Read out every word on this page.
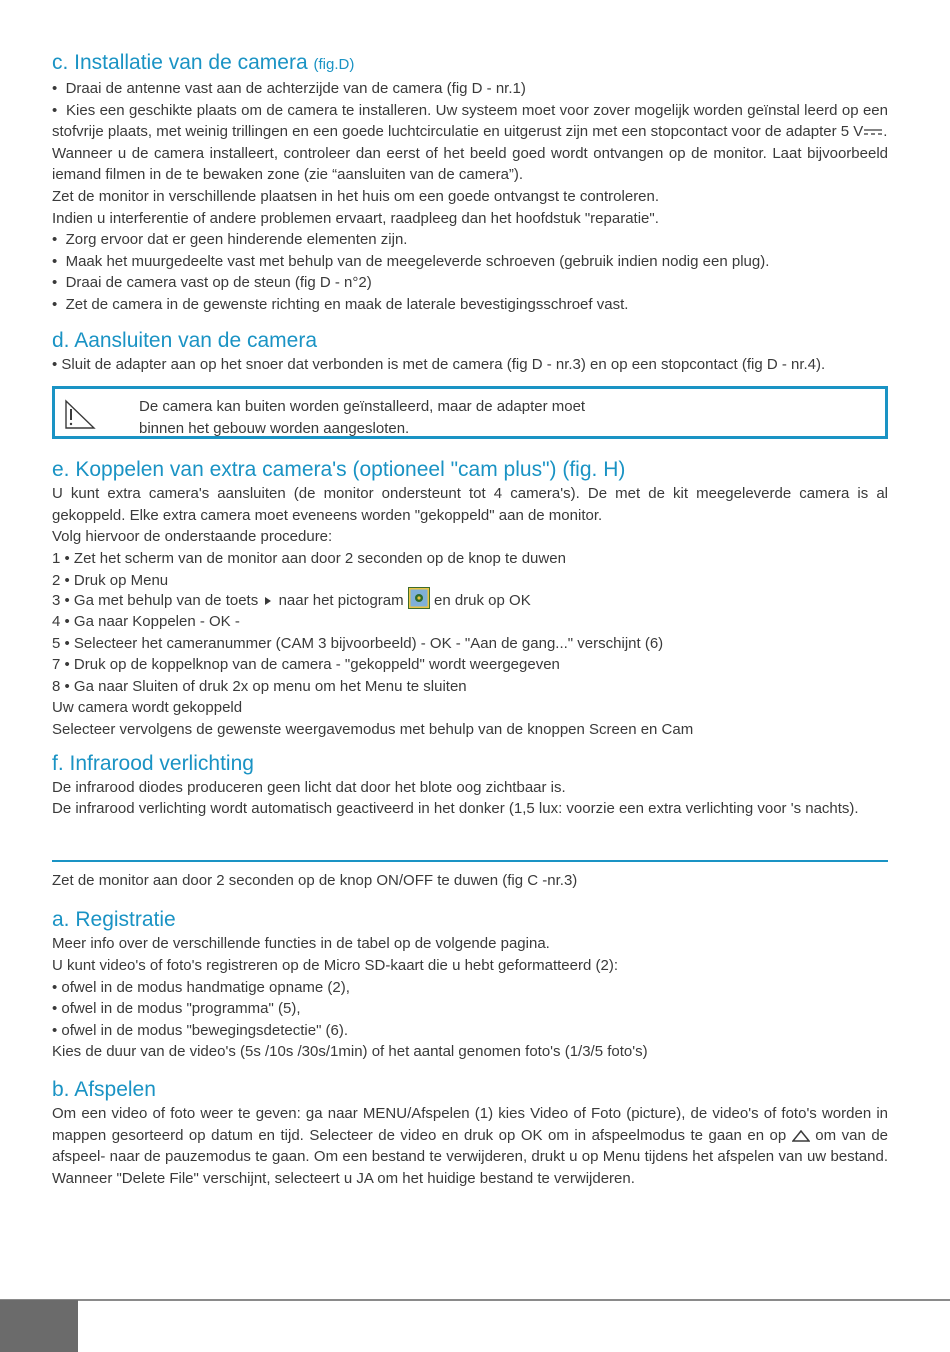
c. Installatie van de camera (fig.D)

•  Draai de antenne vast aan de achterzijde van de camera (fig D - nr.1)

•  Kies een geschikte plaats om de camera te installeren. Uw systeem moet voor zover mogelijk worden geïnstal leerd op een stofvrije plaats, met weinig trillingen en een goede luchtcirculatie en uitgerust zijn met een stopcontact voor de adapter 5 V .

Wanneer u de camera installeert, controleer dan eerst of het beeld goed wordt ontvangen op de monitor. Laat bijvoorbeeld iemand filmen in de te bewaken zone (zie “aansluiten van de camera”).

Zet de monitor in verschillende plaatsen in het huis om een goede ontvangst te controleren.

Indien u interferentie of andere problemen ervaart, raadpleeg dan het hoofdstuk "reparatie".

•  Zorg ervoor dat er geen hinderende elementen zijn.

•  Maak het muurgedeelte vast met behulp van de meegeleverde schroeven (gebruik indien nodig een plug).

•  Draai de camera vast op de steun (fig D - n°2)

•  Zet de camera in de gewenste richting en maak de laterale bevestigingsschroef vast.

d. Aansluiten van de camera

• Sluit de adapter aan op het snoer dat verbonden is met de camera (fig D - nr.3) en op een stopcontact (fig D - nr.4).

De camera kan buiten worden geïnstalleerd, maar de adapter moet
binnen het gebouw worden aangesloten.
e. Koppelen van extra camera's (optioneel "cam plus") (fig. H)

U kunt extra camera's aansluiten (de monitor ondersteunt tot 4 camera's). De met de kit meegeleverde camera is al gekoppeld. Elke extra camera moet eveneens worden "gekoppeld" aan de monitor.

Volg hiervoor de onderstaande procedure:

1 • Zet het scherm van de monitor aan door 2 seconden op de knop te duwen

2 • Druk op Menu

3 • Ga met behulp van de toets naar het pictogram en druk op OK

4 • Ga naar Koppelen - OK -

5 • Selecteer het cameranummer (CAM 3 bijvoorbeeld) - OK - "Aan de gang..." verschijnt (6)

7 • Druk op de koppelknop van de camera - "gekoppeld" wordt weergegeven

8 • Ga naar Sluiten of druk 2x op menu om het Menu te sluiten

Uw camera wordt gekoppeld

Selecteer vervolgens de gewenste weergavemodus met behulp van de knoppen Screen en Cam

f. Infrarood verlichting

De infrarood diodes produceren geen licht dat door het blote oog zichtbaar is.

De infrarood verlichting wordt automatisch geactiveerd in het donker (1,5 lux: voorzie een extra verlichting voor 's nachts).

Zet de monitor aan door 2 seconden op de knop ON/OFF te duwen (fig C -nr.3)

a. Registratie

Meer info over de verschillende functies in de tabel op de volgende pagina.

U kunt video's of foto's registreren op de Micro SD-kaart die u hebt geformatteerd (2):

• ofwel in de modus handmatige opname (2),

• ofwel in de modus "programma" (5),

• ofwel in de modus "bewegingsdetectie" (6).

Kies de duur van de video's (5s /10s /30s/1min) of het aantal genomen foto's (1/3/5 foto's)

b. Afspelen

Om een video of foto weer te geven: ga naar MENU/Afspelen (1) kies Video of Foto (picture), de video's of foto's worden in mappen gesorteerd op datum en tijd. Selecteer de video en druk op OK om in afspeelmodus te gaan en op om van de afspeel- naar de pauzemodus te gaan. Om een bestand te verwijderen, drukt u op Menu tijdens het afspelen van uw bestand. Wanneer "Delete File" verschijnt, selecteert u JA om het huidige bestand te verwijderen.
